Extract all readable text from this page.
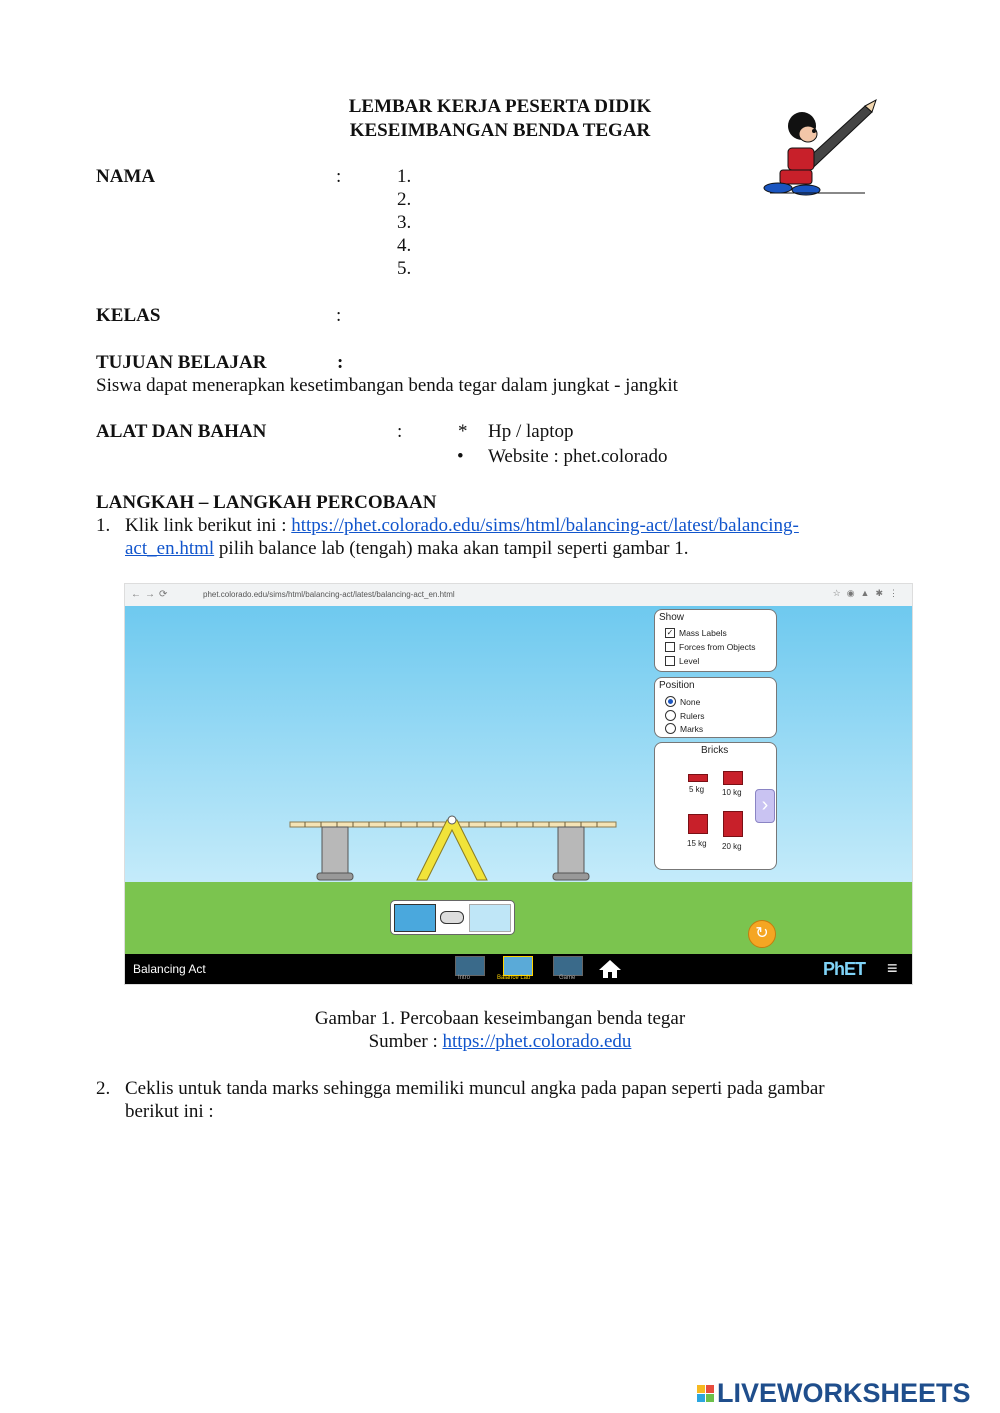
LEMBAR KERJA PESERTA DIDIK
KESEIMBANGAN BENDA TEGAR
NAMA	:	1.
2.
3.
4.
5.
KELAS	:
TUJUAN BELAJAR	:
Siswa dapat menerapkan kesetimbangan benda tegar dalam jungkat - jangkit
ALAT DAN BAHAN	:	* Hp / laptop
• Website : phet.colorado
LANGKAH – LANGKAH PERCOBAAN
1. Klik link berikut ini : https://phet.colorado.edu/sims/html/balancing-act/latest/balancing-
act_en.html pilih balance lab (tengah) maka akan tampil seperti gambar 1.
←→⟳	phet.colorado.edu/sims/html/balancing-act/latest/balancing-act_en.html	☆◉▲✱⋮
Show
✓ Mass Labels
Forces from Objects
Level
Position
None
Rulers
Marks
Bricks
5 kg 10 kg
15 kg 20 kg
›
↻
Balancing Act
Intro	Balance Lab	Game	PhET ≡
Gambar 1. Percobaan keseimbangan benda tegar
Sumber : https://phet.colorado.edu
2. Ceklis untuk tanda marks sehingga memiliki muncul angka pada papan seperti pada gambar
berikut ini :
LIVEWORKSHEETS
